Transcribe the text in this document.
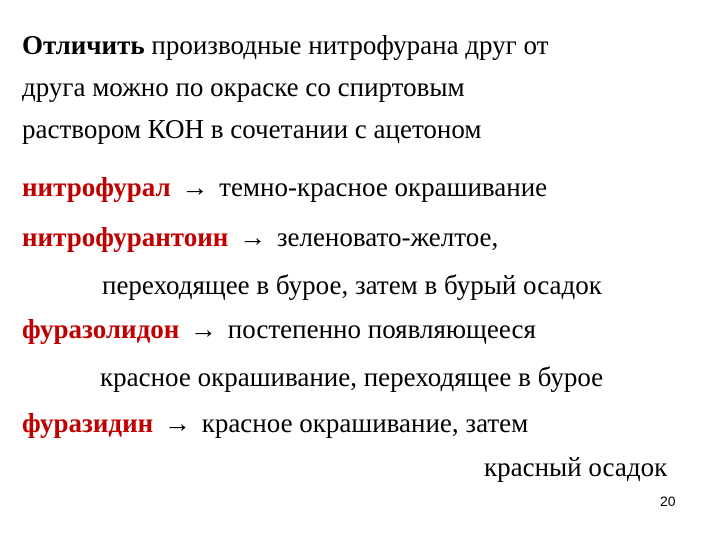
Отличить производные нитрофурана друг от
друга можно по окраске со спиртовым
раствором КОН в сочетании с ацетоном
нитрофурал → темно-красное окрашивание
нитрофурантоин → зеленовато-желтое,
переходящее в бурое, затем в бурый осадок
фуразолидон → постепенно появляющееся
красное окрашивание, переходящее в бурое
фуразидин → красное окрашивание, затем
красный осадок
20
